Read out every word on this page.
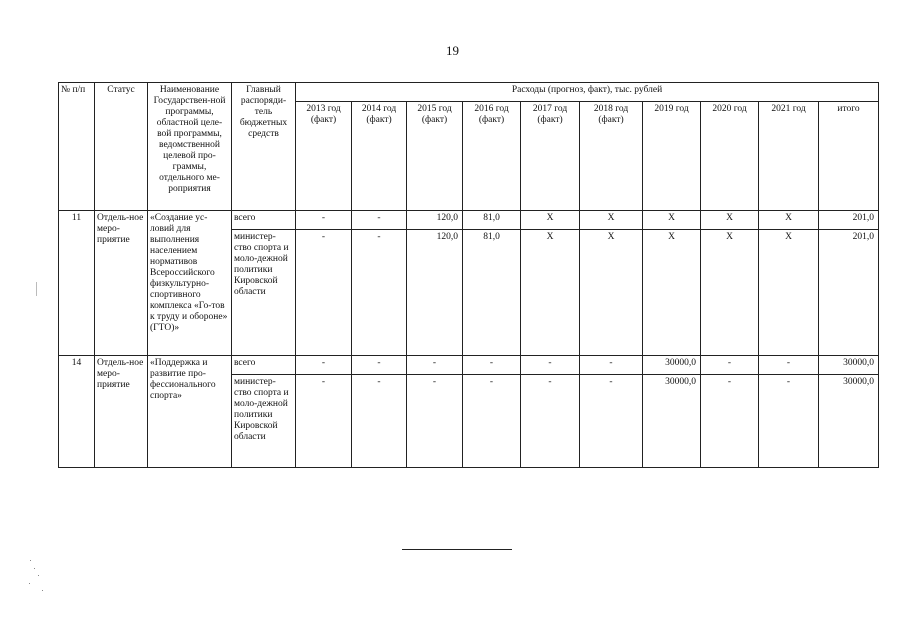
19
№ п/п	Статус	Наименование Государствен-ной программы, областной целе-вой программы, ведомственной целевой про-граммы, отдельного ме-роприятия	Главный распоряди-тель бюджетных средств	Расходы (прогноз, факт), тыс. рублей									
				2013 год (факт)	2014 год (факт)	2015 год (факт)	2016 год (факт)	2017 год (факт)	2018 год (факт)	2019 год	2020 год	2021 год	итого
11	Отдель-ное меро-приятие	«Создание ус-ловий для выполнения населением нормативов Всероссийского физкультурно-спортивного комплекса «Го-тов к труду и обороне» (ГТО)»	всего	-	-	120,0	81,0	X	X	X	X	X	201,0
			министер-ство спорта и моло-дежной политики Кировской области	-	-	120,0	81,0	X	X	X	X	X	201,0
14	Отдель-ное меро-приятие	«Поддержка и развитие про-фессионального спорта»	всего	-	-	-	-	-	-	30000,0	-	-	30000,0
			министер-ство спорта и моло-дежной политики Кировской области	-	-	-	-	-	-	30000,0	-	-	30000,0
